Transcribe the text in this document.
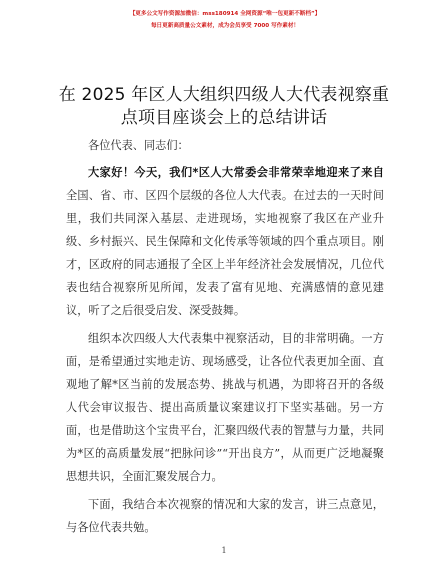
【更多公文写作资源加微信：mss180914 全网资源“唯一包更新不断档”】
每日更新高质量公文素材，成为会员享受 7000 写作素材！
在 2025 年区人大组织四级人大代表视察重点项目座谈会上的总结讲话

各位代表、同志们：

大家好！今天，我们*区人大常委会非常荣幸地迎来了来自全国、省、市、区四个层级的各位人大代表。在过去的一天时间里，我们共同深入基层、走进现场，实地视察了我区在产业升级、乡村振兴、民生保障和文化传承等领域的四个重点项目。刚才，区政府的同志通报了全区上半年经济社会发展情况，几位代表也结合视察所见所闻，发表了富有见地、充满感情的意见建议，听了之后很受启发、深受鼓舞。

组织本次四级人大代表集中视察活动，目的非常明确。一方面，是希望通过实地走访、现场感受，让各位代表更加全面、直观地了解*区当前的发展态势、挑战与机遇，为即将召开的各级人代会审议报告、提出高质量议案建议打下坚实基础。另一方面，也是借助这个宝贵平台，汇聚四级代表的智慧与力量，共同为*区的高质量发展“把脉问诊”“开出良方”，从而更广泛地凝聚思想共识，全面汇聚发展合力。

下面，我结合本次视察的情况和大家的发言，讲三点意见，与各位代表共勉。

1
